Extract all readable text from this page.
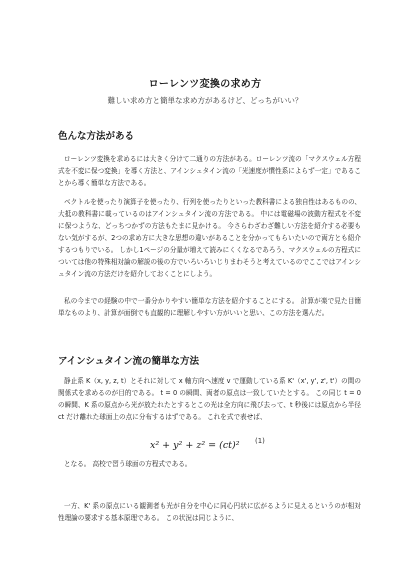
ローレンツ変換の求め方
難しい求め方と簡単な求め方があるけど、どっちがいい？
色んな方法がある
ローレンツ変換を求めるには大きく分けて二通りの方法がある。ローレンツ流の「マクスウェル方程式を不変に保つ変換」を導く方法と、アインシュタイン流の「光速度が慣性系によらず一定」であることから導く簡単な方法である。
ベクトルを使ったり演算子を使ったり、行列を使ったりといった教科書による独自性はあるものの、大抵の教科書に載っているのはアインシュタイン流の方法である。 中には電磁場の波動方程式を不変に保つような、どっちつかずの方法もたまに見かける。 今さらわざわざ難しい方法を紹介する必要もない気がするが、2つの求め方に大きな思想の違いがあることを分かってもらいたいので両方とも紹介するつもりでいる。 しかし1ページの分量が増えて読みにくくなるであろう、マクスウェルの方程式については他の特殊相対論の解説の後の方でいろいろいじりまわそうと考えているのでここではアインシュタイン流の方法だけを紹介しておくことにしよう。
私の今までの経験の中で一番分かりやすい簡単な方法を紹介することにする。 計算が楽で見た目簡単なものより、計算が面倒でも直観的に理解しやすい方がいいと思い、この方法を選んだ。
アインシュタイン流の簡単な方法
静止系 K（x, y, z, t）とそれに対して x 軸方向へ速度 v で運動している系 K'（x', y', z', t'）の間の関係式を求めるのが目的である。 t = 0 の瞬間、両者の原点は一致していたとする。 この同じ t = 0 の瞬間、K 系の原点から光が放たれたとするとこの光は全方向に飛び去って、t 秒後には原点から半径 ct だけ離れた球面上の点に分布するはずである。 これを式で表せば、
x² + y² + z² = (ct)²	(1)
となる。 高校で習う球面の方程式である。
一方、K' 系の原点にいる観測者も光が自分を中心に同心円状に広がるように見えるというのが相対性理論の要求する基本原理である。 この状況は同じように、
